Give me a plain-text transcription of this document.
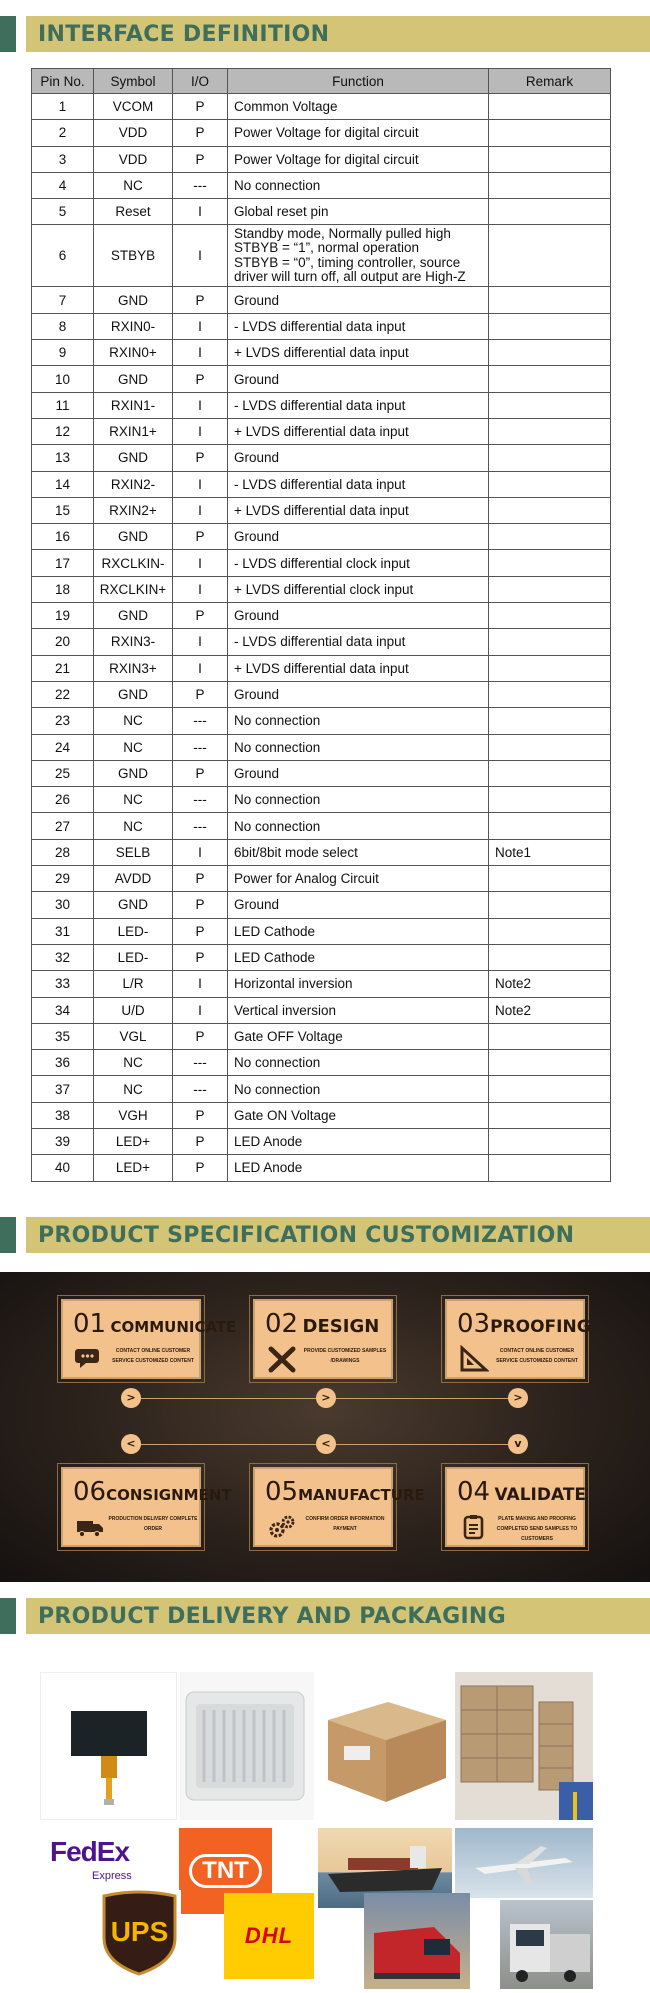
INTERFACE DEFINITION
Pin No.	Symbol	I/O	Function	Remark
1	VCOM	P	Common Voltage	
2	VDD	P	Power Voltage for digital circuit	
3	VDD	P	Power Voltage for digital circuit	
4	NC	---	No connection	
5	Reset	I	Global reset pin	
6	STBYB	I	Standby mode, Normally pulled high
STBYB = “1”, normal operation
STBYB = “0”, timing controller, source driver will turn off, all output are High-Z	
7	GND	P	Ground	
8	RXIN0-	I	- LVDS differential data input	
9	RXIN0+	I	+ LVDS differential data input	
10	GND	P	Ground	
11	RXIN1-	I	- LVDS differential data input	
12	RXIN1+	I	+ LVDS differential data input	
13	GND	P	Ground	
14	RXIN2-	I	- LVDS differential data input	
15	RXIN2+	I	+ LVDS differential data input	
16	GND	P	Ground	
17	RXCLKIN-	I	- LVDS differential clock input	
18	RXCLKIN+	I	+ LVDS differential clock input	
19	GND	P	Ground	
20	RXIN3-	I	- LVDS differential data input	
21	RXIN3+	I	+ LVDS differential data input	
22	GND	P	Ground	
23	NC	---	No connection	
24	NC	---	No connection	
25	GND	P	Ground	
26	NC	---	No connection	
27	NC	---	No connection	
28	SELB	I	6bit/8bit mode select	Note1
29	AVDD	P	Power for Analog Circuit	
30	GND	P	Ground	
31	LED-	P	LED Cathode	
32	LED-	P	LED Cathode	
33	L/R	I	Horizontal inversion	Note2
34	U/D	I	Vertical inversion	Note2
35	VGL	P	Gate OFF Voltage	
36	NC	---	No connection	
37	NC	---	No connection	
38	VGH	P	Gate ON Voltage	
39	LED+	P	LED Anode	
40	LED+	P	LED Anode	
PRODUCT SPECIFICATION CUSTOMIZATION
01 COMMUNICATE
CONTACT ONLINE CUSTOMER SERVICE CUSTOMIZED CONTENT
02 DESIGN
PROVIDE CUSTOMIZED SAMPLES /DRAWINGS
03PROOFING
CONTACT ONLINE CUSTOMER SERVICE CUSTOMIZED CONTENT
>	>	>
<	<	v
06CONSIGNMENT
PRODUCTION DELIVERY COMPLETE ORDER
05MANUFACTURE
CONFIRM ORDER INFORMATION PAYMENT
04 VALIDATE
PLATE MAKING AND PROOFING COMPLETED SEND SAMPLES TO CUSTOMERS
PRODUCT DELIVERY AND PACKAGING
FedEx
Express	TNT
UPS	DHL
